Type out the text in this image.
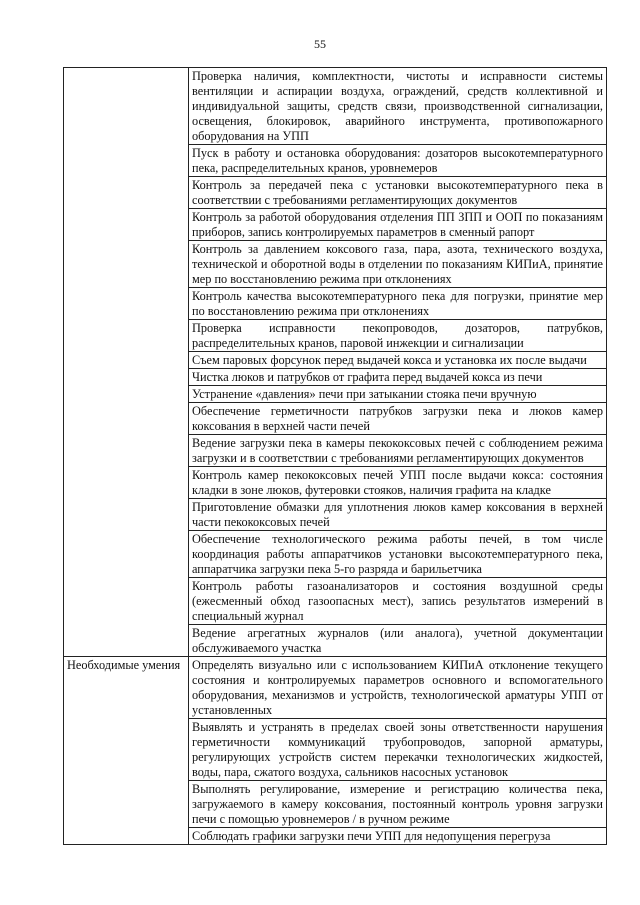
55
	Проверка наличия, комплектности, чистоты и исправности системы вентиляции и аспирации воздуха, ограждений, средств коллективной и индивидуальной защиты, средств связи, производственной сигнализации, освещения, блокировок, аварийного инструмента, противопожарного оборудования на УПП
	Пуск в работу и остановка оборудования: дозаторов высокотемпературного пека, распределительных кранов, уровнемеров
	Контроль за передачей пека с установки высокотемпературного пека в соответствии с требованиями регламентирующих документов
	Контроль за работой оборудования отделения ПП ЗПП и ООП по показаниям приборов, запись контролируемых параметров в сменный рапорт
	Контроль за давлением коксового газа, пара, азота, технического воздуха, технической и оборотной воды в отделении по показаниям КИПиА, принятие мер по восстановлению режима при отклонениях
	Контроль качества высокотемпературного пека для погрузки, принятие мер по восстановлению режима при отклонениях
	Проверка исправности пекопроводов, дозаторов, патрубков, распределительных кранов, паровой инжекции и сигнализации
	Съем паровых форсунок перед выдачей кокса и установка их после выдачи
	Чистка люков и патрубков от графита перед выдачей кокса из печи
	Устранение «давления» печи при затыкании стояка печи вручную
	Обеспечение герметичности патрубков загрузки пека и люков камер коксования в верхней части печей
	Ведение загрузки пека в камеры пекококсовых печей с соблюдением режима загрузки и в соответствии с требованиями регламентирующих документов
	Контроль камер пекококсовых печей УПП после выдачи кокса: состояния кладки в зоне люков, футеровки стояков, наличия графита на кладке
	Приготовление обмазки для уплотнения люков камер коксования в верхней части пекококсовых печей
	Обеспечение технологического режима работы печей, в том числе координация работы аппаратчиков установки высокотемпературного пека, аппаратчика загрузки пека 5-го разряда и барильетчика
	Контроль работы газоанализаторов и состояния воздушной среды (ежесменный обход газоопасных мест), запись результатов измерений в специальный журнал
	Ведение агрегатных журналов (или аналога), учетной документации обслуживаемого участка
Необходимые умения	Определять визуально или с использованием КИПиА отклонение текущего состояния и контролируемых параметров основного и вспомогательного оборудования, механизмов и устройств, технологической арматуры УПП от установленных
	Выявлять и устранять в пределах своей зоны ответственности нарушения герметичности коммуникаций трубопроводов, запорной арматуры, регулирующих устройств систем перекачки технологических жидкостей, воды, пара, сжатого воздуха, сальников насосных установок
	Выполнять регулирование, измерение и регистрацию количества пека, загружаемого в камеру коксования, постоянный контроль уровня загрузки печи с помощью уровнемеров / в ручном режиме
	Соблюдать графики загрузки печи УПП для недопущения перегруза
